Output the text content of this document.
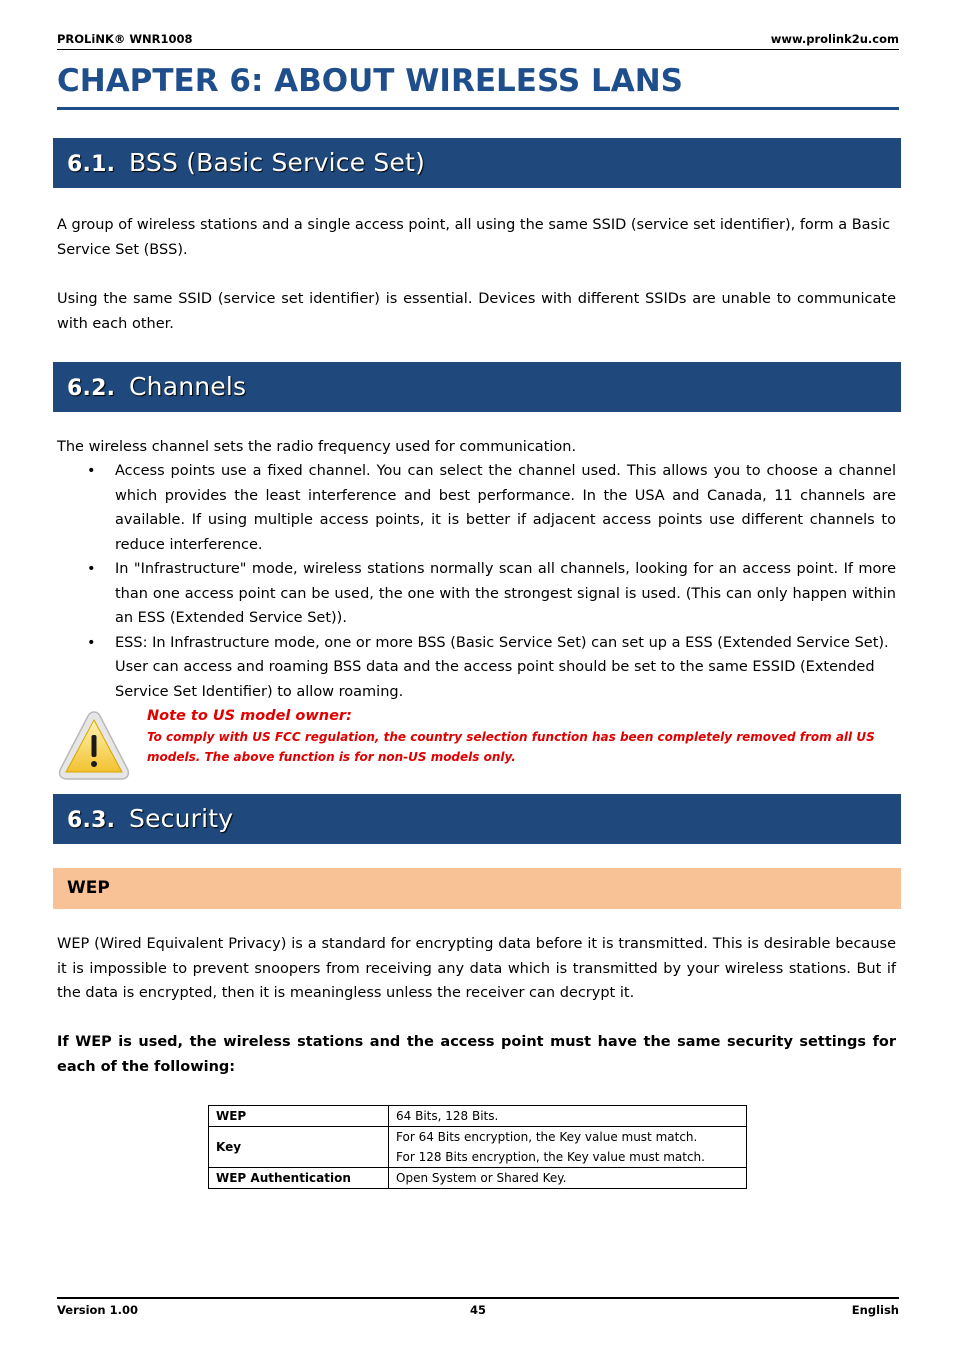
PROLiNK® WNR1008	www.prolink2u.com
CHAPTER 6: ABOUT WIRELESS LANS
6.1. BSS (Basic Service Set)
A group of wireless stations and a single access point, all using the same SSID (service set identifier), form a Basic Service Set (BSS).
Using the same SSID (service set identifier) is essential. Devices with different SSIDs are unable to communicate with each other.
6.2. Channels
The wireless channel sets the radio frequency used for communication.
• Access points use a fixed channel. You can select the channel used. This allows you to choose a channel which provides the least interference and best performance. In the USA and Canada, 11 channels are available. If using multiple access points, it is better if adjacent access points use different channels to reduce interference.
• In "Infrastructure" mode, wireless stations normally scan all channels, looking for an access point. If more than one access point can be used, the one with the strongest signal is used. (This can only happen within an ESS (Extended Service Set)).
• ESS: In Infrastructure mode, one or more BSS (Basic Service Set) can set up a ESS (Extended Service Set). User can access and roaming BSS data and the access point should be set to the same ESSID (Extended Service Set Identifier) to allow roaming.
Note to US model owner:
To comply with US FCC regulation, the country selection function has been completely removed from all US models. The above function is for non-US models only.
6.3. Security
WEP
WEP (Wired Equivalent Privacy) is a standard for encrypting data before it is transmitted. This is desirable because it is impossible to prevent snoopers from receiving any data which is transmitted by your wireless stations. But if the data is encrypted, then it is meaningless unless the receiver can decrypt it.
If WEP is used, the wireless stations and the access point must have the same security settings for each of the following:
WEP	64 Bits, 128 Bits.
Key	For 64 Bits encryption, the Key value must match.
For 128 Bits encryption, the Key value must match.

WEP Authentication	Open System or Shared Key.
Version 1.00	45	English
